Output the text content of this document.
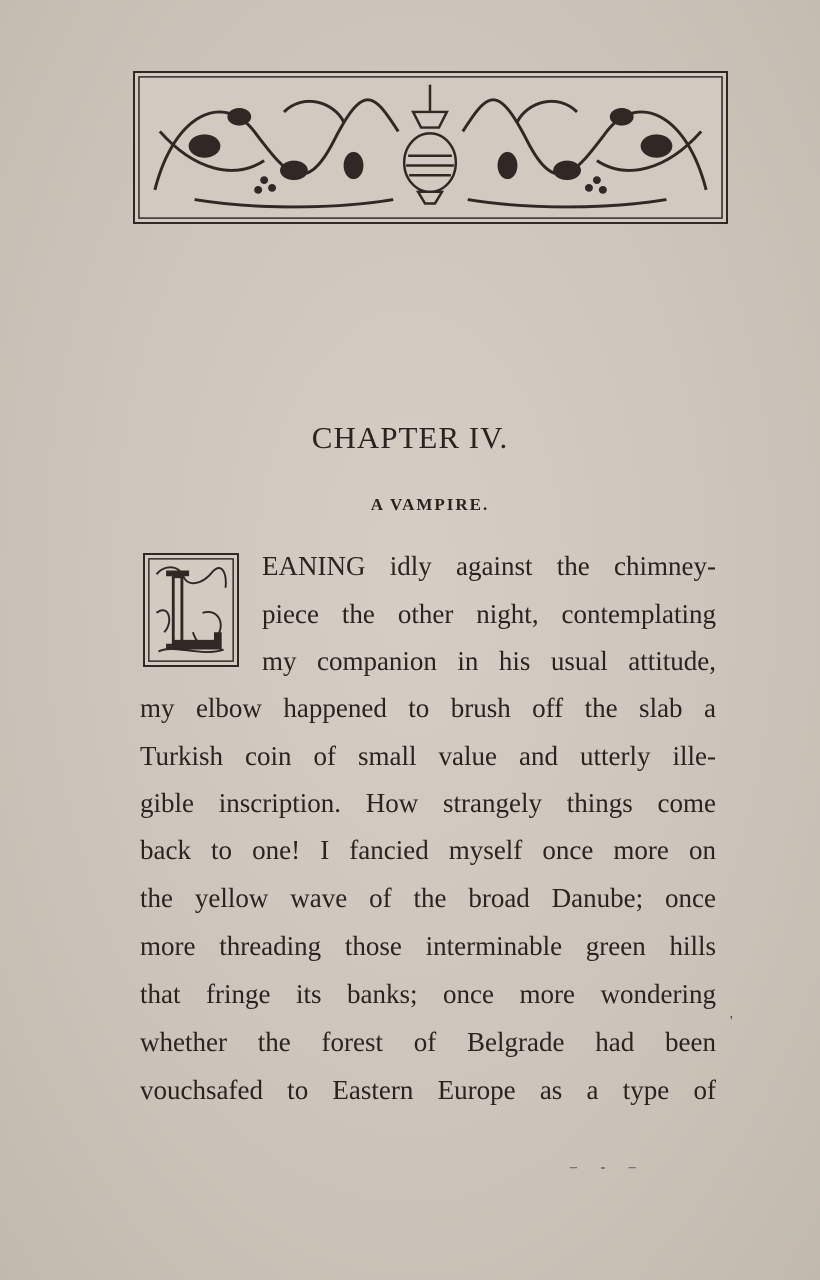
CHAPTER IV.
A VAMPIRE.
EANING idly against the chimney-
piece the other night, contemplating
my companion in his usual attitude,
my elbow happened to brush off the slab a
Turkish coin of small value and utterly ille-
gible inscription. How strangely things come
back to one! I fancied myself once more on
the yellow wave of the broad Danube; once
more threading those interminable green hills
that fringe its banks; once more wondering
whether the forest of Belgrade had been
vouchsafed to Eastern Europe as a type of
'
– - –
